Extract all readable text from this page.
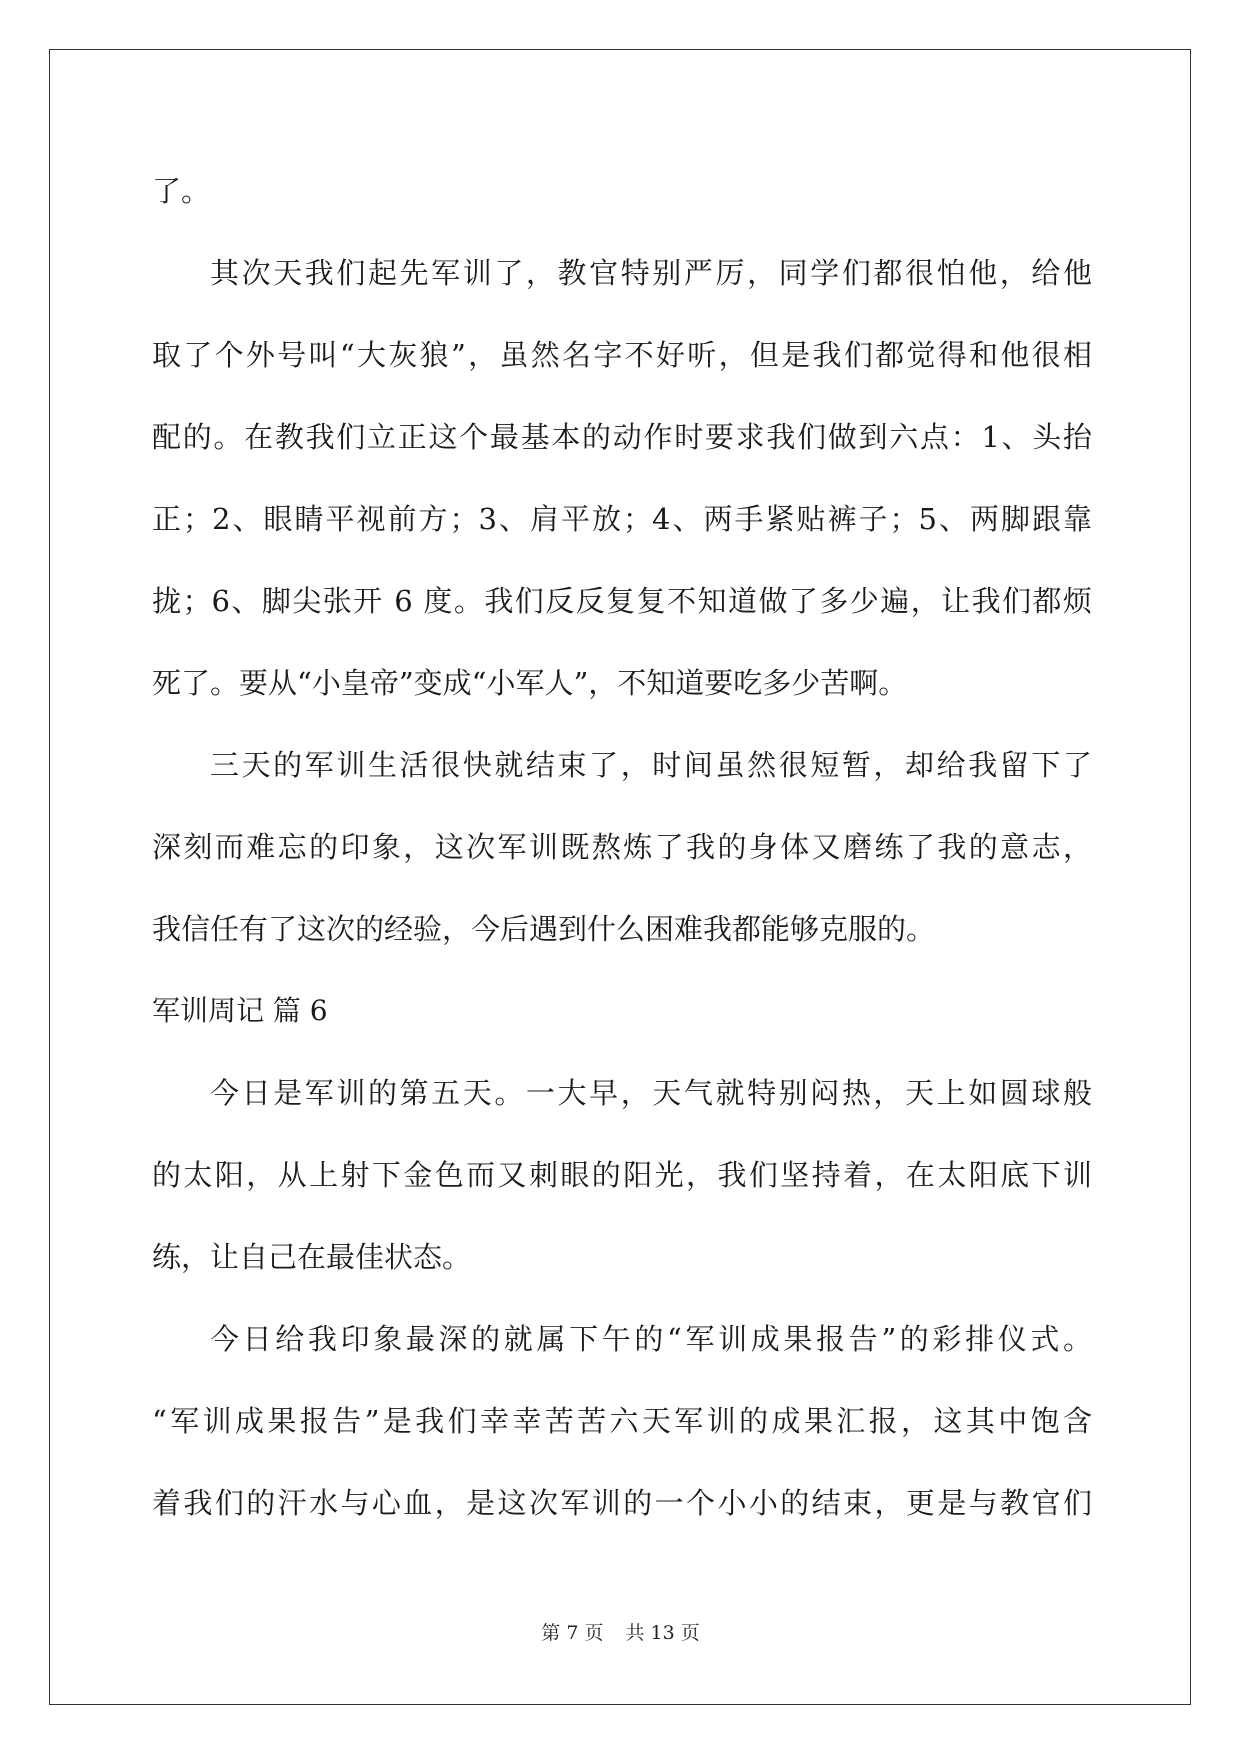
了。
其次天我们起先军训了，教官特别严厉，同学们都很怕他，给他
取了个外号叫“大灰狼”，虽然名字不好听，但是我们都觉得和他很相
配的。在教我们立正这个最基本的动作时要求我们做到六点：1、头抬
正；2、眼睛平视前方；3、肩平放；4、两手紧贴裤子；5、两脚跟靠
拢；6、脚尖张开 6 度。我们反反复复不知道做了多少遍，让我们都烦
死了。要从“小皇帝”变成“小军人”，不知道要吃多少苦啊。
三天的军训生活很快就结束了，时间虽然很短暂，却给我留下了
深刻而难忘的印象，这次军训既熬炼了我的身体又磨练了我的意志，
我信任有了这次的经验，今后遇到什么困难我都能够克服的。
军训周记 篇 6
今日是军训的第五天。一大早，天气就特别闷热，天上如圆球般
的太阳，从上射下金色而又刺眼的阳光，我们坚持着，在太阳底下训
练，让自己在最佳状态。
今日给我印象最深的就属下午的“军训成果报告”的彩排仪式。
“军训成果报告”是我们幸幸苦苦六天军训的成果汇报，这其中饱含
着我们的汗水与心血，是这次军训的一个小小的结束，更是与教官们
第 7 页 共 13 页
